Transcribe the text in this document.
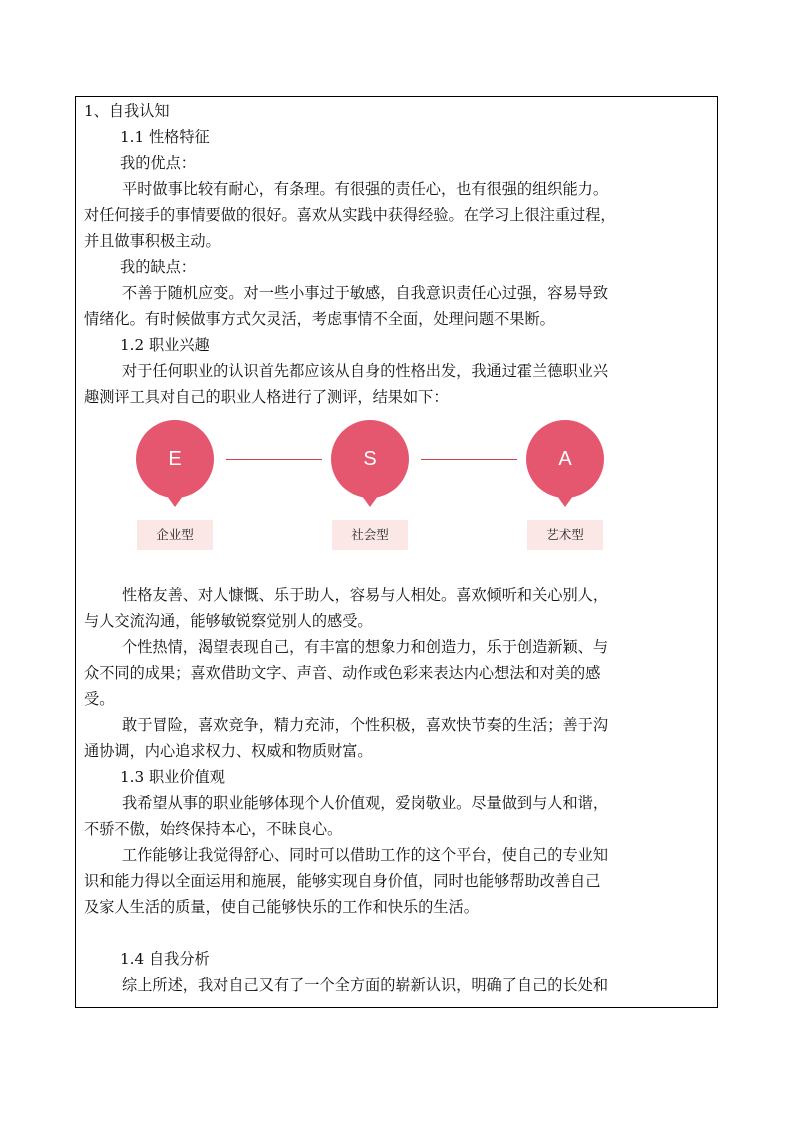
1、自我认知
1.1 性格特征
我的优点：
平时做事比较有耐心，有条理。有很强的责任心，也有很强的组织能力。
对任何接手的事情要做的很好。喜欢从实践中获得经验。在学习上很注重过程，
并且做事积极主动。
我的缺点：
不善于随机应变。对一些小事过于敏感，自我意识责任心过强，容易导致
情绪化。有时候做事方式欠灵活，考虑事情不全面，处理问题不果断。
1.2 职业兴趣
对于任何职业的认识首先都应该从自身的性格出发，我通过霍兰德职业兴
趣测评工具对自己的职业人格进行了测评，结果如下：
E	S	A
企业型	社会型	艺术型
性格友善、对人慷慨、乐于助人，容易与人相处。喜欢倾听和关心别人，
与人交流沟通，能够敏锐察觉别人的感受。
个性热情，渴望表现自己，有丰富的想象力和创造力，乐于创造新颖、与
众不同的成果；喜欢借助文字、声音、动作或色彩来表达内心想法和对美的感
受。
敢于冒险，喜欢竞争，精力充沛，个性积极，喜欢快节奏的生活；善于沟
通协调，内心追求权力、权威和物质财富。
1.3 职业价值观
我希望从事的职业能够体现个人价值观，爱岗敬业。尽量做到与人和谐，
不骄不傲，始终保持本心，不昧良心。
工作能够让我觉得舒心、同时可以借助工作的这个平台，使自己的专业知
识和能力得以全面运用和施展，能够实现自身价值，同时也能够帮助改善自己
及家人生活的质量，使自己能够快乐的工作和快乐的生活。
1.4 自我分析
综上所述，我对自己又有了一个全方面的崭新认识，明确了自己的长处和
